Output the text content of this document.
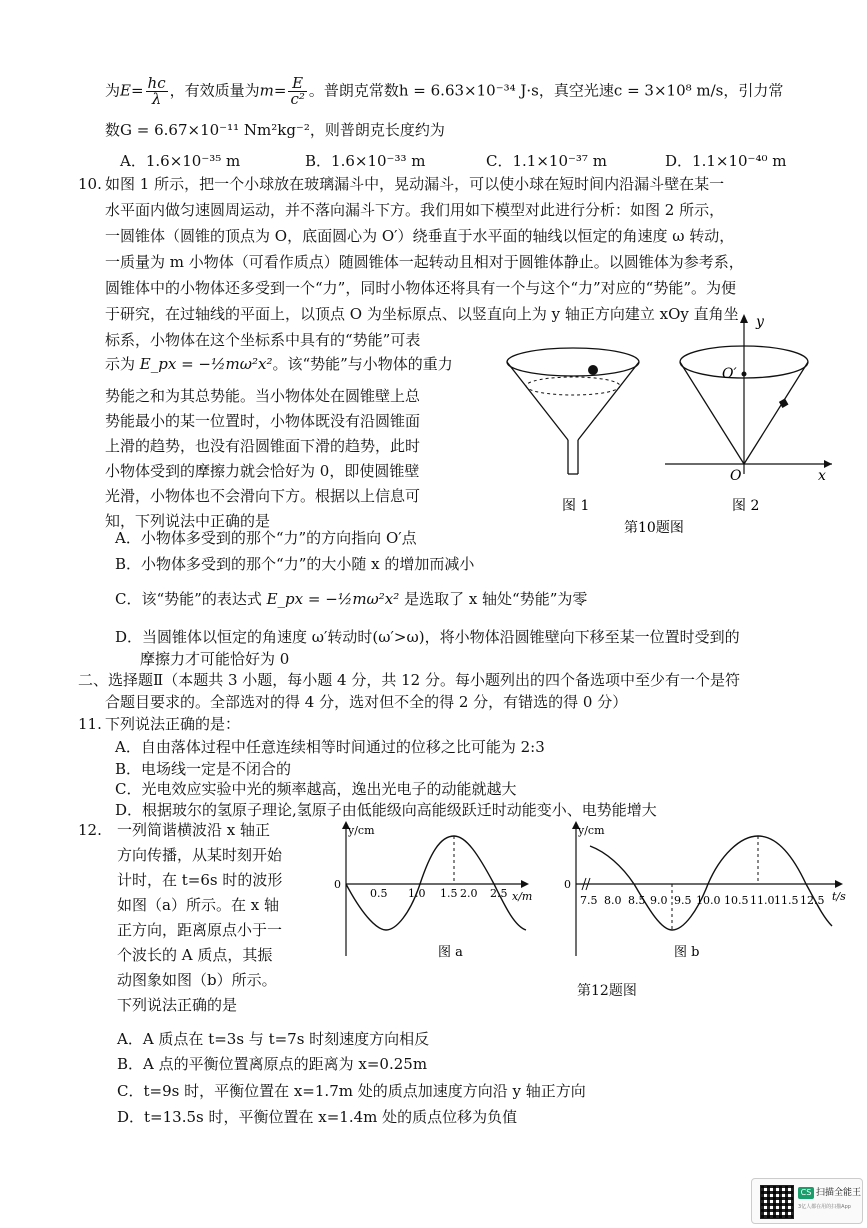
为$E= \frac{hc}{\lambda}$ ，有效质量为$m= \frac{E}{\text{c²}}$ 。普朗克常数h = 6.63×10⁻³⁴ J·s，真空光速c = 3×10⁸ m/s，引力常
数G = 6.67×10⁻¹¹ Nm²kg⁻²，则普朗克长度约为
A．1.6×10⁻³⁵ m	B．1.6×10⁻³³ m	C．1.1×10⁻³⁷ m	D．1.1×10⁻⁴⁰ m
10. 如图 1 所示，把一个小球放在玻璃漏斗中，晃动漏斗，可以使小球在短时间内沿漏斗壁在某一
水平面内做匀速圆周运动，并不落向漏斗下方。我们用如下模型对此进行分析：如图 2 所示，
一圆锥体（圆锥的顶点为 O，底面圆心为 O′）绕垂直于水平面的轴线以恒定的角速度 ω 转动，
一质量为 m 小物体（可看作质点）随圆锥体一起转动且相对于圆锥体静止。以圆锥体为参考系，
圆锥体中的小物体还多受到一个“力”，同时小物体还将具有一个与这个“力”对应的“势能”。为便
于研究，在过轴线的平面上，以顶点 O 为坐标原点、以竖直向上为 y 轴正方向建立 xOy 直角坐
标系，小物体在这个坐标系中具有的“势能”可表
示为 E_px = −½mω²x²。该“势能”与小物体的重力
势能之和为其总势能。当小物体处在圆锥壁上总
势能最小的某一位置时，小物体既没有沿圆锥面
上滑的趋势，也没有沿圆锥面下滑的趋势，此时
小物体受到的摩擦力就会恰好为 0，即使圆锥壁
光滑，小物体也不会滑向下方。根据以上信息可
知，下列说法中正确的是
y
x
O
O′
图 1	图 2
第10题图
A．小物体多受到的那个“力”的方向指向 O′点
B．小物体多受到的那个“力”的大小随 x 的增加而减小
C．该“势能”的表达式 E_px = −½mω²x² 是选取了 x 轴处“势能”为零
D．当圆锥体以恒定的角速度 ω′转动时(ω′>ω)，将小物体沿圆锥壁向下移至某一位置时受到的
摩擦力才可能恰好为 0
二、选择题Ⅱ（本题共 3 小题，每小题 4 分，共 12 分。每小题列出的四个备选项中至少有一个是符
合题目要求的。全部选对的得 4 分，选对但不全的得 2 分，有错选的得 0 分）
11. 下列说法正确的是：
A．自由落体过程中任意连续相等时间通过的位移之比可能为 2:3
B．电场线一定是不闭合的
C．光电效应实验中光的频率越高，逸出光电子的动能就越大
D．根据玻尔的氢原子理论,氢原子由低能级向高能级跃迁时动能变小、电势能增大
12. 一列简谐横波沿 x 轴正
方向传播，从某时刻开始
计时，在 t=6s 时的波形
如图（a）所示。在 x 轴
正方向，距离原点小于一
个波长的 A 质点，其振
动图象如图（b）所示。
下列说法正确的是
y/cm
x/m
0
0.5 1.0 1.5 2.0 2.5
图 a
y/cm
t/s
0
7.5 8.0 8.5 9.0 9.5 10.0 10.5 11.0 11.5 12.5
图 b
第12题图
A．A 质点在 t=3s 与 t=7s 时刻速度方向相反
B．A 点的平衡位置离原点的距离为 x=0.25m
C．t=9s 时，平衡位置在 x=1.7m 处的质点加速度方向沿 y 轴正方向
D．t=13.5s 时，平衡位置在 x=1.4m 处的质点位移为负值
CS 扫描全能王
3亿人都在用的扫描App
